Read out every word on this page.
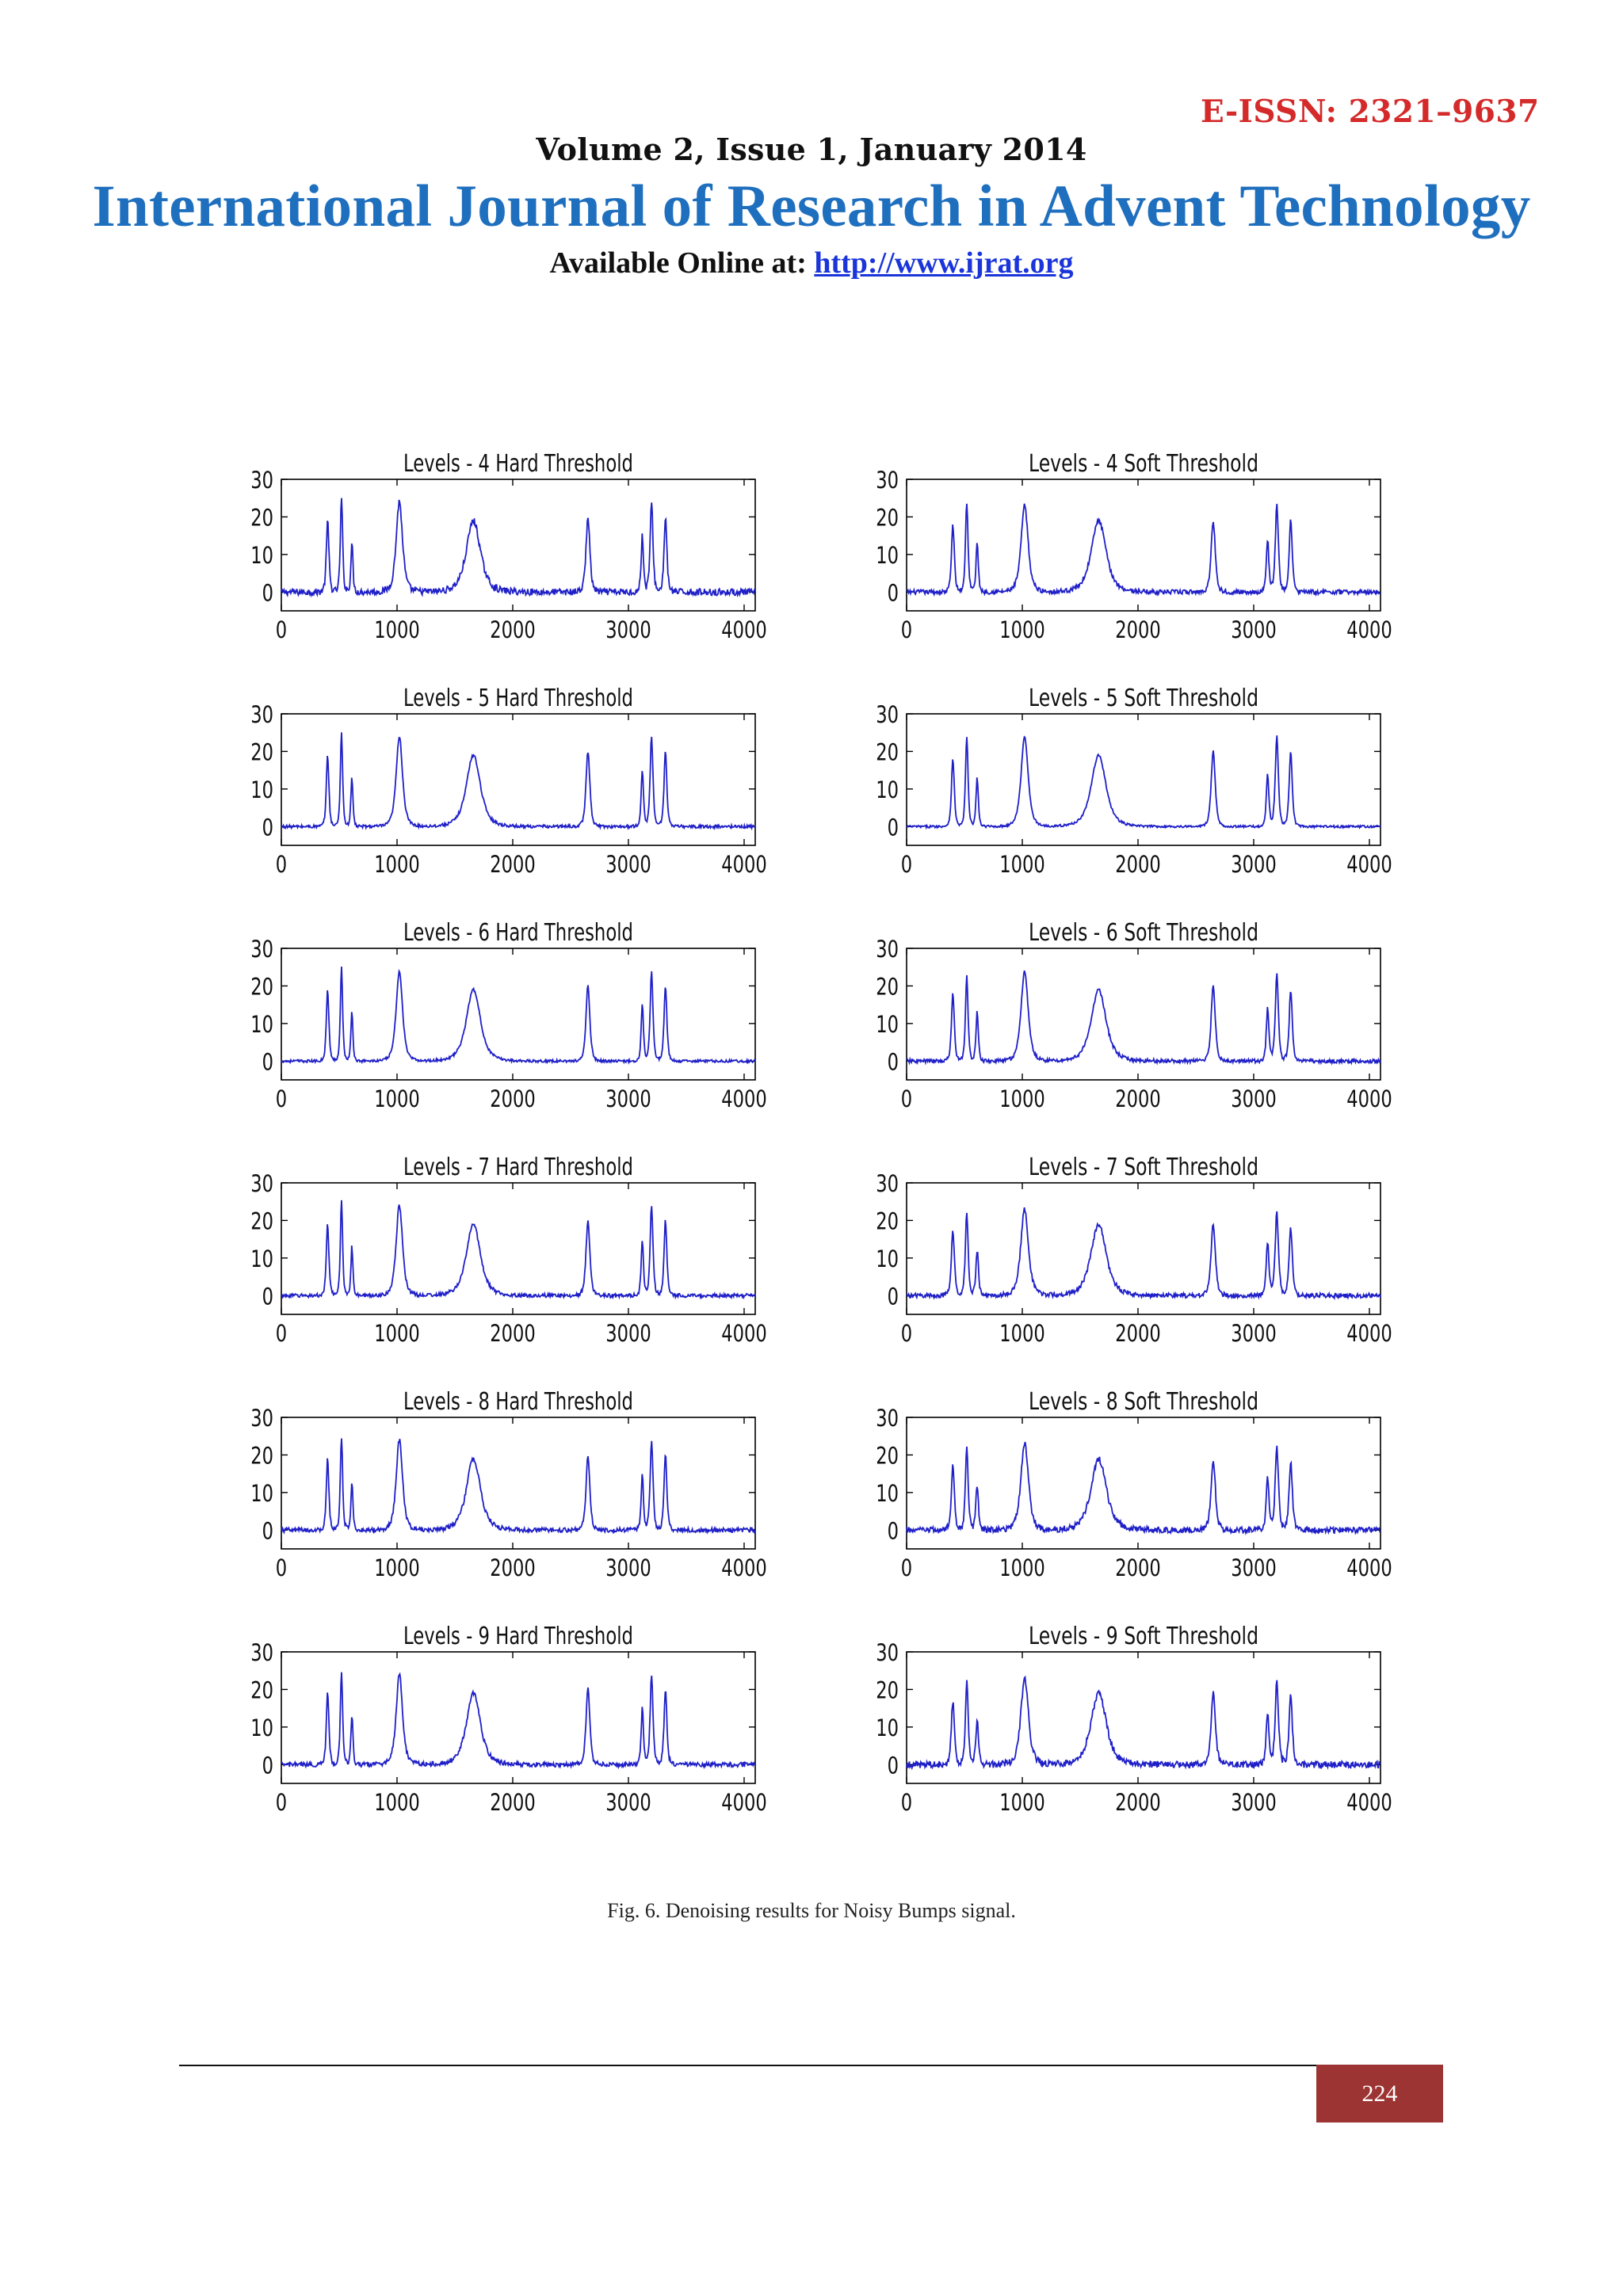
E-ISSN: 2321–9637
Volume 2, Issue 1, January 2014
International Journal of Research in Advent Technology
Available Online at: http://www.ijrat.org
Levels - 4 Hard Threshold
0
10
20
30
0	1000	2000	3000	4000
Levels - 4 Soft Threshold
0
10
20
30
0	1000	2000	3000	4000
Levels - 5 Hard Threshold
0
10
20
30
0	1000	2000	3000	4000
Levels - 5 Soft Threshold
0
10
20
30
0	1000	2000	3000	4000
Levels - 6 Hard Threshold
0
10
20
30
0	1000	2000	3000	4000
Levels - 6 Soft Threshold
0
10
20
30
0	1000	2000	3000	4000
Levels - 7 Hard Threshold
0
10
20
30
0	1000	2000	3000	4000
Levels - 7 Soft Threshold
0
10
20
30
0	1000	2000	3000	4000
Levels - 8 Hard Threshold
0
10
20
30
0	1000	2000	3000	4000
Levels - 8 Soft Threshold
0
10
20
30
0	1000	2000	3000	4000
Levels - 9 Hard Threshold
0
10
20
30
0	1000	2000	3000	4000
Levels - 9 Soft Threshold
0
10
20
30
0	1000	2000	3000	4000
Fig. 6. Denoising results for Noisy Bumps signal.
224
